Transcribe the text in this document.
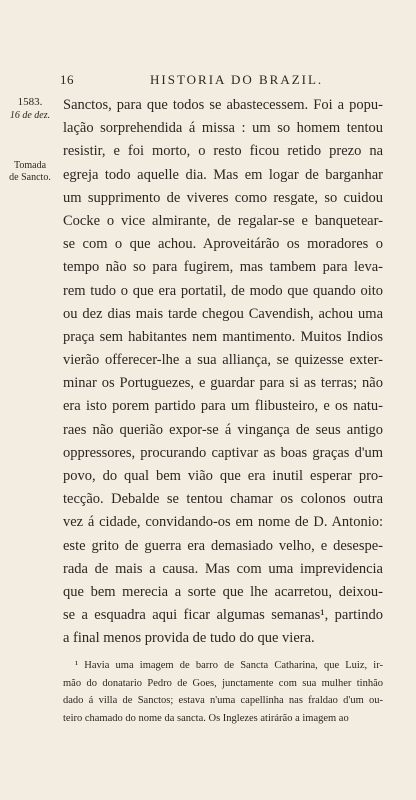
16	HISTORIA DO BRAZIL.
1583.
16 de dez.
Tomada
de Sancto.
Sanctos, para que todos se abastecessem. Foi a popu-
lação sorprehendida á missa : um so homem tentou
resistir, e foi morto, o resto ficou retido prezo na
egreja todo aquelle dia. Mas em logar de barganhar
um supprimento de viveres como resgate, so cuidou
Cocke o vice almirante, de regalar-se e banquetear-
se com o que achou. Aproveitárão os moradores o
tempo não so para fugirem, mas tambem para leva-
rem tudo o que era portatil, de modo que quando oito
ou dez dias mais tarde chegou Cavendish, achou uma
praça sem habitantes nem mantimento. Muitos Indios
vierão offerecer-lhe a sua alliança, se quizesse exter-
minar os Portuguezes, e guardar para si as terras; não
era isto porem partido para um flibusteiro, e os natu-
raes não querião expor-se á vingança de seus antigo
oppressores, procurando captivar as boas graças d'um
povo, do qual bem vião que era inutil esperar pro-
tecção. Debalde se tentou chamar os colonos outra
vez á cidade, convidando-os em nome de D. Antonio:
este grito de guerra era demasiado velho, e desespe-
rada de mais a causa. Mas com uma imprevidencia
que bem merecia a sorte que lhe acarretou, deixou-
se a esquadra aqui ficar algumas semanas¹, partindo
a final menos provida de tudo do que viera.
¹ Havia uma imagem de barro de Sancta Catharina, que Luiz, ir-
mão do donatario Pedro de Goes, junctamente com sua mulher tinhão
dado á villa de Sanctos; estava n'uma capellinha nas fraldao d'um ou-
teiro chamado do nome da sancta. Os Inglezes atirárão a imagem ao
